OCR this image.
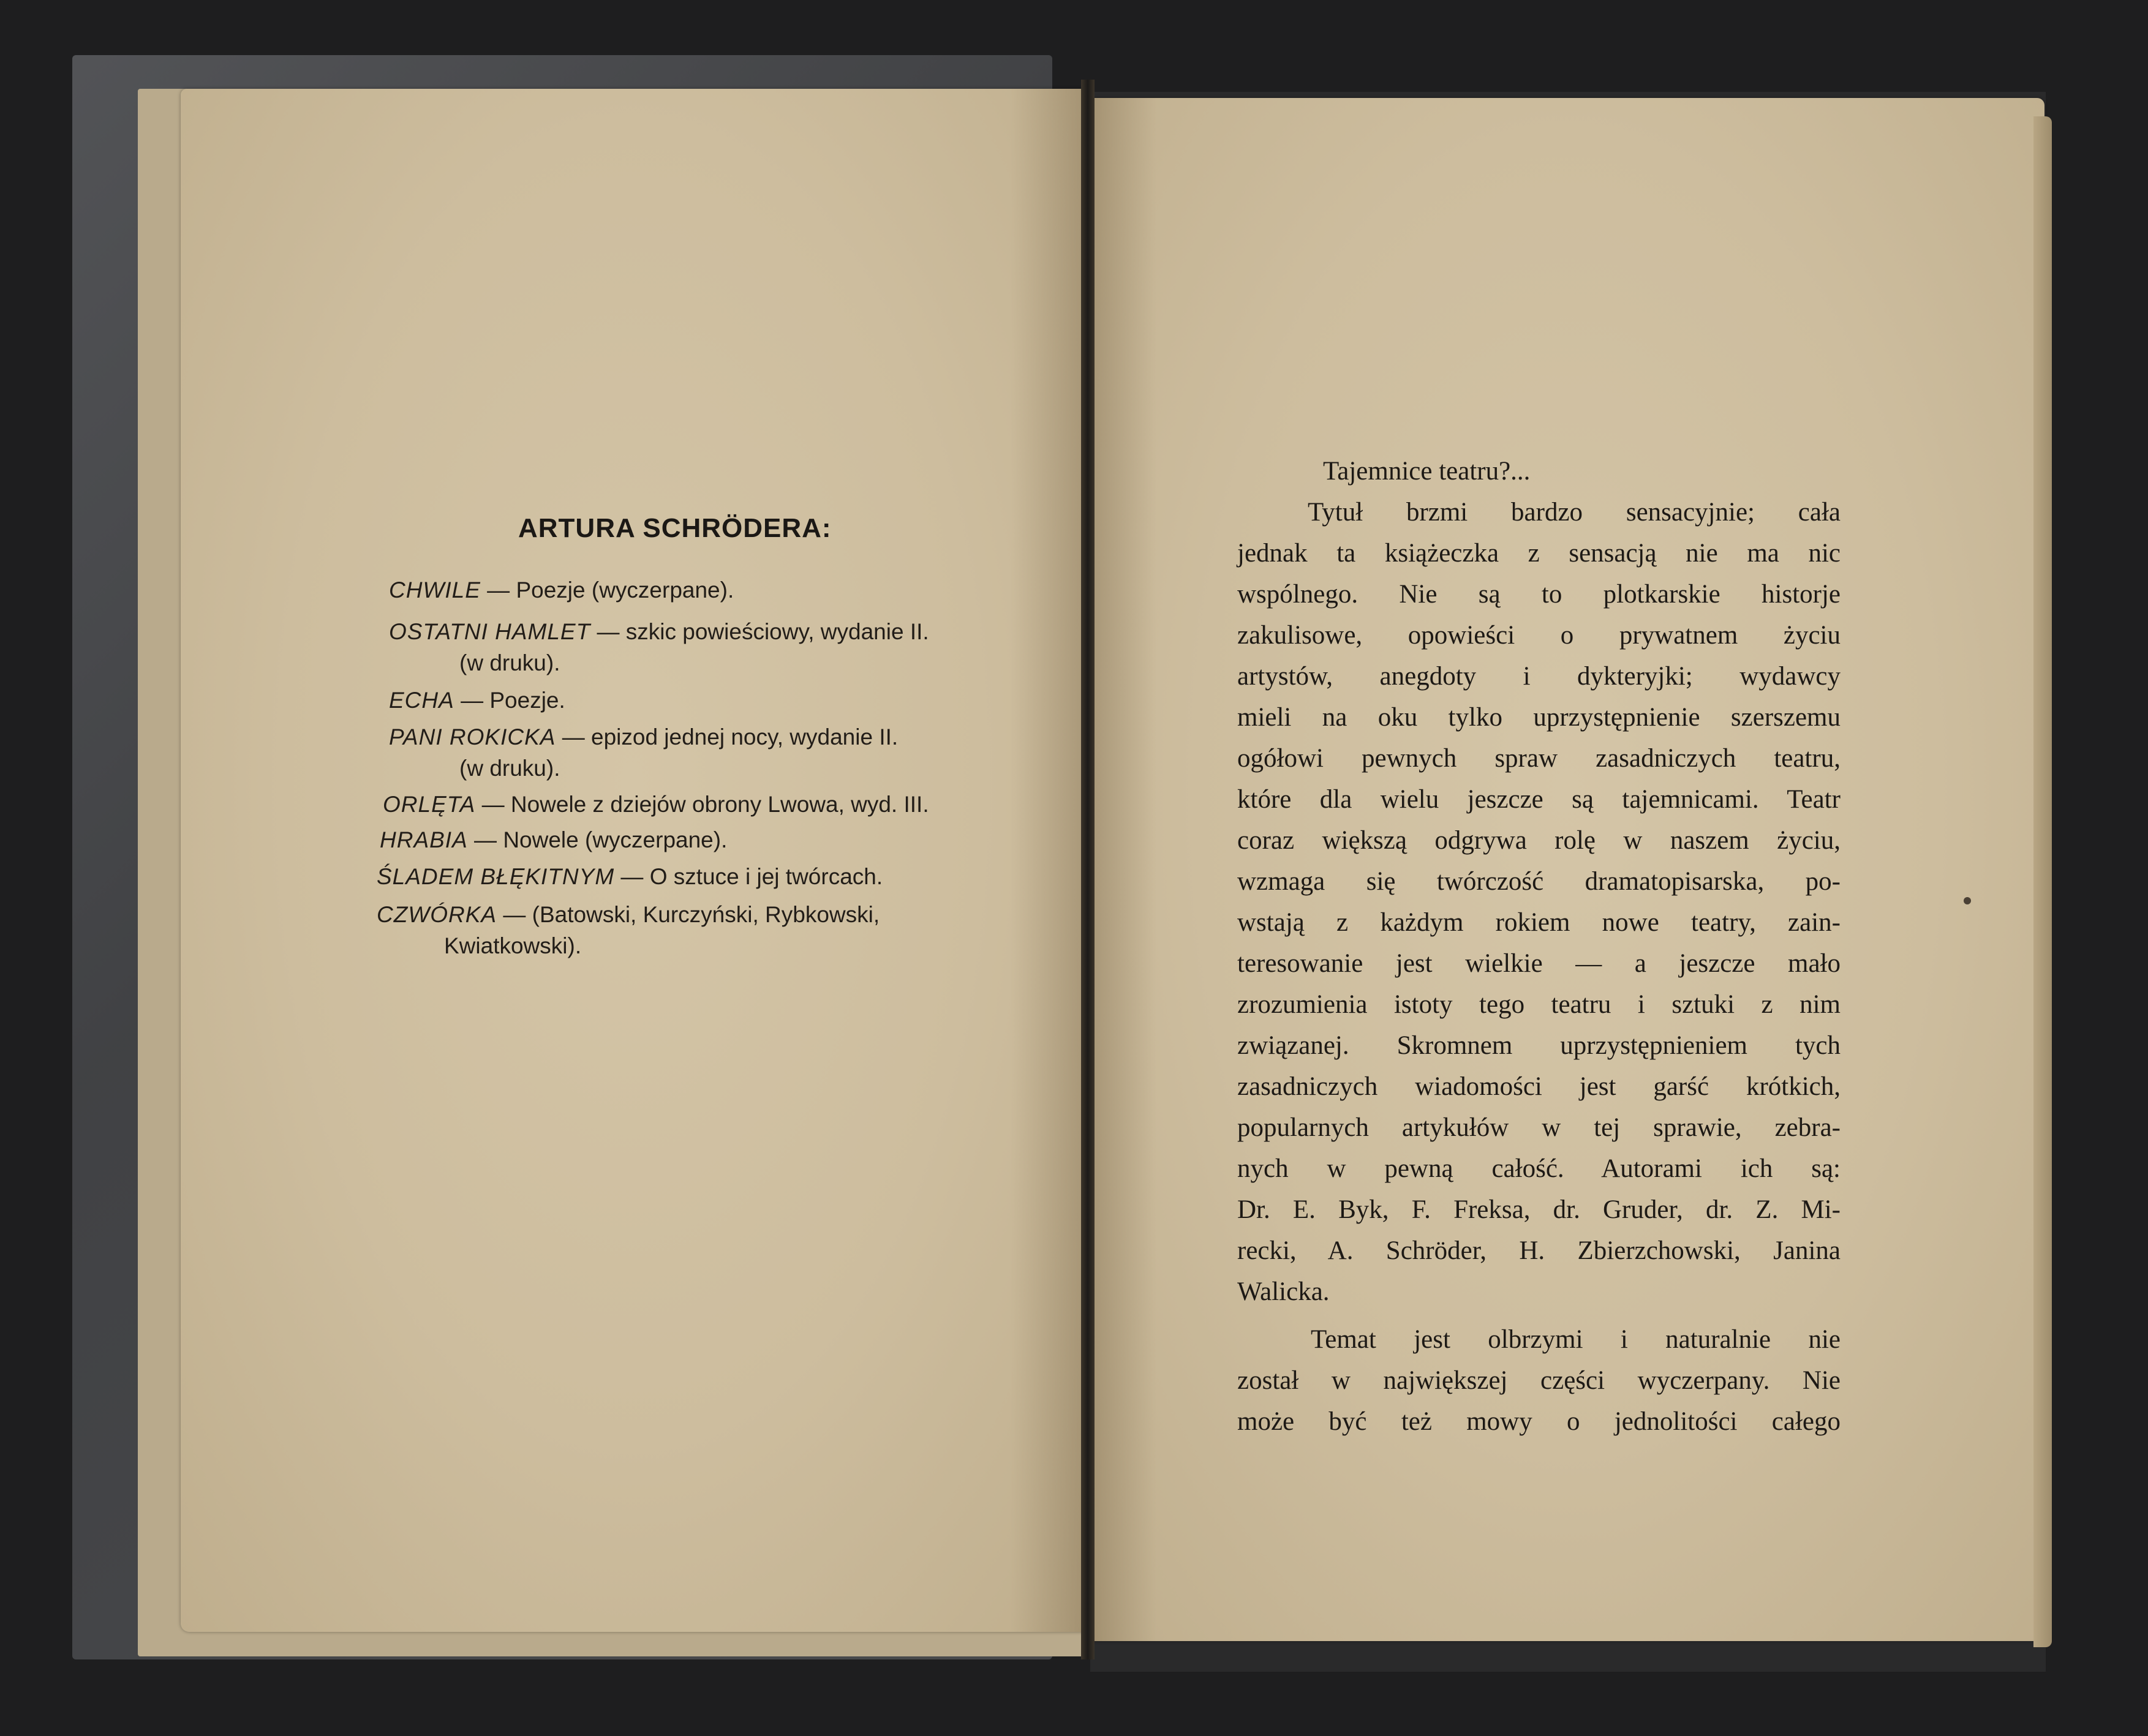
ARTURA SCHRÖDERA:
CHWILE — Poezje (wyczerpane).
OSTATNI HAMLET — szkic powieściowy, wydanie II.
(w druku).
ECHA — Poezje.
PANI ROKICKA — epizod jednej nocy, wydanie II.
(w druku).
ORLĘTA — Nowele z dziejów obrony Lwowa, wyd. III.
HRABIA — Nowele (wyczerpane).
ŚLADEM BŁĘKITNYM — O sztuce i jej twórcach.
CZWÓRKA — (Batowski, Kurczyński, Rybkowski,
Kwiatkowski).
Tajemnice teatru?...
Tytuł brzmi bardzo sensacyjnie; cała
jednak ta książeczka z sensacją nie ma nic
wspólnego. Nie są to plotkarskie historje
zakulisowe, opowieści o prywatnem życiu
artystów, anegdoty i dykteryjki; wydawcy
mieli na oku tylko uprzystępnienie szerszemu
ogółowi pewnych spraw zasadniczych teatru,
które dla wielu jeszcze są tajemnicami. Teatr
coraz większą odgrywa rolę w naszem życiu,
wzmaga się twórczość dramatopisarska, po-
wstają z każdym rokiem nowe teatry, zain-
teresowanie jest wielkie — a jeszcze mało
zrozumienia istoty tego teatru i sztuki z nim
związanej. Skromnem uprzystępnieniem tych
zasadniczych wiadomości jest garść krótkich,
popularnych artykułów w tej sprawie, zebra-
nych w pewną całość. Autorami ich są:
Dr. E. Byk, F. Freksa, dr. Gruder, dr. Z. Mi-
recki, A. Schröder, H. Zbierzchowski, Janina
Walicka.
Temat jest olbrzymi i naturalnie nie
został w największej części wyczerpany. Nie
może być też mowy o jednolitości całego
